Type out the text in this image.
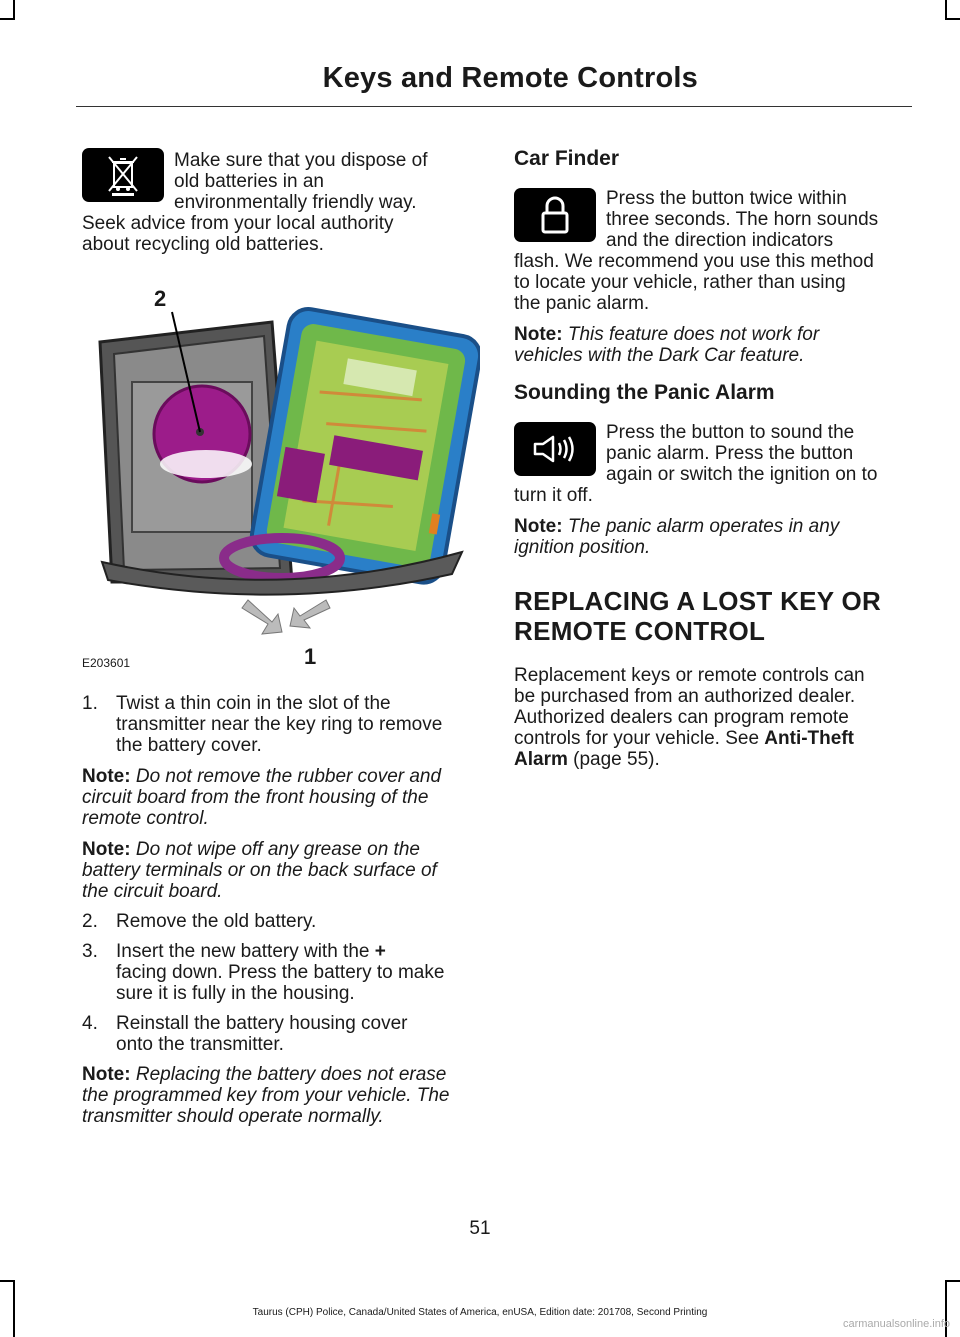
Keys and Remote Controls

Make sure that you dispose of

old batteries in an

environmentally friendly way.

Seek advice from your local authority

about recycling old batteries.

2
1
E203601
1. Twist a thin coin in the slot of the

transmitter near the key ring to remove

the battery cover.

Note: Do not remove the rubber cover and

circuit board from the front housing of the

remote control.

Note: Do not wipe off any grease on the

battery terminals or on the back surface of

the circuit board.

2. Remove the old battery.

3. Insert the new battery with the +

facing down. Press the battery to make

sure it is fully in the housing.

4. Reinstall the battery housing cover

onto the transmitter.

Note: Replacing the battery does not erase

the programmed key from your vehicle. The

transmitter should operate normally.

Car Finder

Press the button twice within

three seconds. The horn sounds

and the direction indicators

flash. We recommend you use this method

to locate your vehicle, rather than using

the panic alarm.

Note: This feature does not work for

vehicles with the Dark Car feature.

Sounding the Panic Alarm

Press the button to sound the

panic alarm. Press the button

again or switch the ignition on to

turn it off.

Note: The panic alarm operates in any

ignition position.

REPLACING A LOST KEY OR
REMOTE CONTROL

Replacement keys or remote controls can

be purchased from an authorized dealer.

Authorized dealers can program remote

controls for your vehicle. See Anti-Theft

Alarm (page 55).

51
Taurus (CPH) Police, Canada/United States of America, enUSA, Edition date: 201708, Second Printing
carmanualsonline.info
